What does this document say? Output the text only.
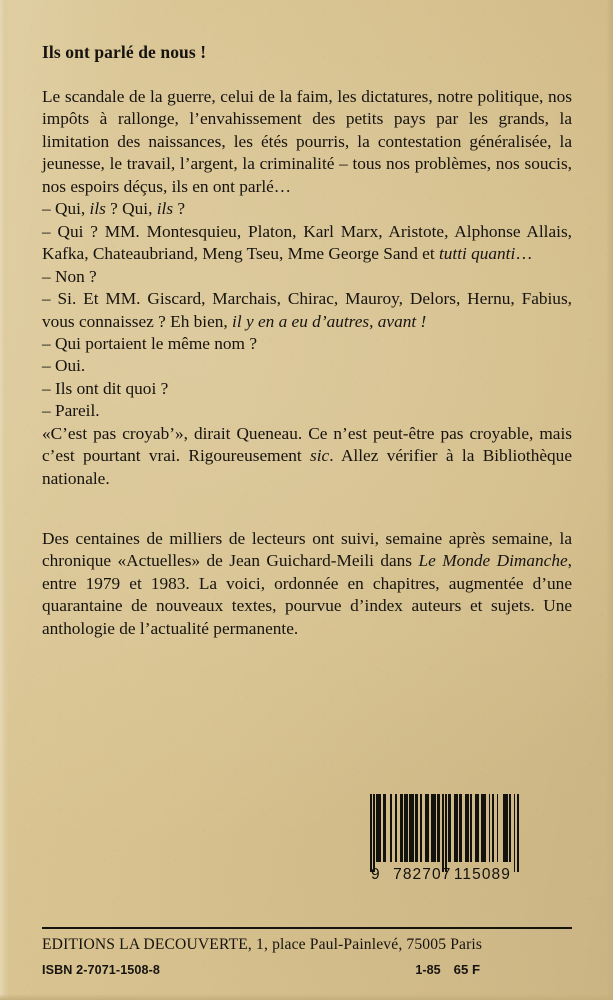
Ils ont parlé de nous !

Le scandale de la guerre, celui de la faim, les dictatures, notre politique, nos impôts à rallonge, l’envahissement des petits pays par les grands, la limitation des naissances, les étés pourris, la contestation généralisée, la jeunesse, le travail, l’argent, la criminalité – tous nos problèmes, nos soucis, nos espoirs déçus, ils en ont parlé…

– Qui, ils ? Qui, ils ?

– Qui ? MM. Montesquieu, Platon, Karl Marx, Aristote, Alphonse Allais, Kafka, Chateaubriand, Meng Tseu, Mme George Sand et tutti quanti…

– Non ?

– Si. Et MM. Giscard, Marchais, Chirac, Mauroy, Delors, Hernu, Fabius, vous connaissez ? Eh bien, il y en a eu d’autres, avant !

– Qui portaient le même nom ?

– Oui.

– Ils ont dit quoi ?

– Pareil.

«C’est pas croyab’», dirait Queneau. Ce n’est peut-être pas croyable, mais c’est pourtant vrai. Rigoureusement sic. Allez vérifier à la Bibliothèque nationale.

Des centaines de milliers de lecteurs ont suivi, semaine après semaine, la chronique «Actuelles» de Jean Guichard-Meili dans Le Monde Dimanche, entre 1979 et 1983. La voici, ordonnée en chapitres, augmentée d’une quarantaine de nouveaux textes, pourvue d’index auteurs et sujets. Une anthologie de l’actualité permanente.

9 782707 115089
EDITIONS LA DECOUVERTE, 1, place Paul-Painlevé, 75005 Paris
ISBN 2-7071-1508-8	1-85 65 F
